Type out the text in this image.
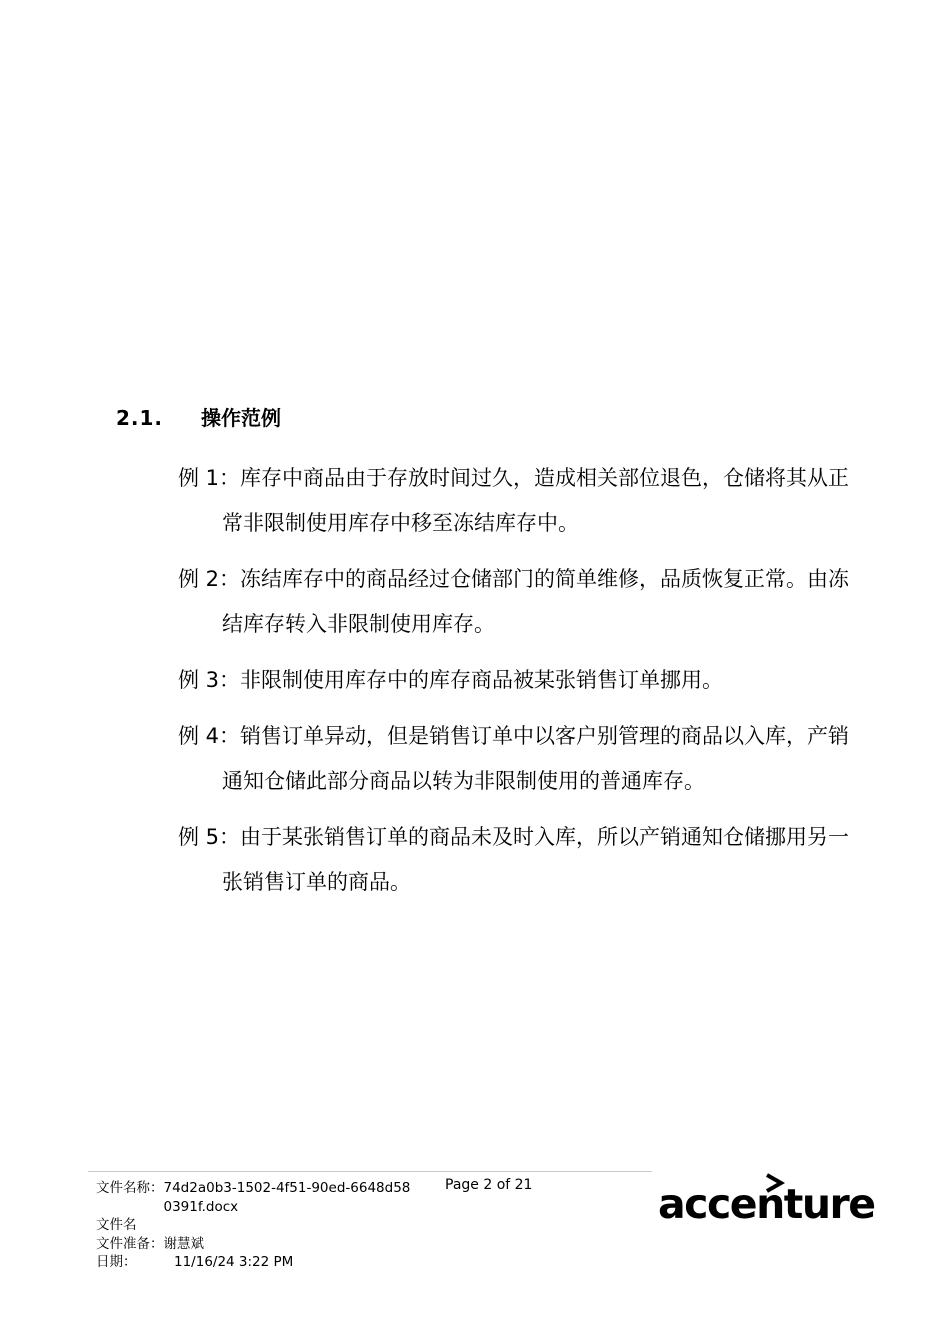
2.1.	操作范例

例 1：库存中商品由于存放时间过久，造成相关部位退色，仓储将其从正常非限制使用库存中移至冻结库存中。

例 2：冻结库存中的商品经过仓储部门的简单维修，品质恢复正常。由冻结库存转入非限制使用库存。

例 3：非限制使用库存中的库存商品被某张销售订单挪用。

例 4：销售订单异动，但是销售订单中以客户别管理的商品以入库，产销通知仓储此部分商品以转为非限制使用的普通库存。

例 5：由于某张销售订单的商品未及时入库，所以产销通知仓储挪用另一张销售订单的商品。

文件名称： 74d2a0b3-1502-4f51-90ed-6648d580391f.docx
文件名
文件准备： 谢慧斌
日期：	11/16/24 3:22 PM
Page 2 of 21	accenture
